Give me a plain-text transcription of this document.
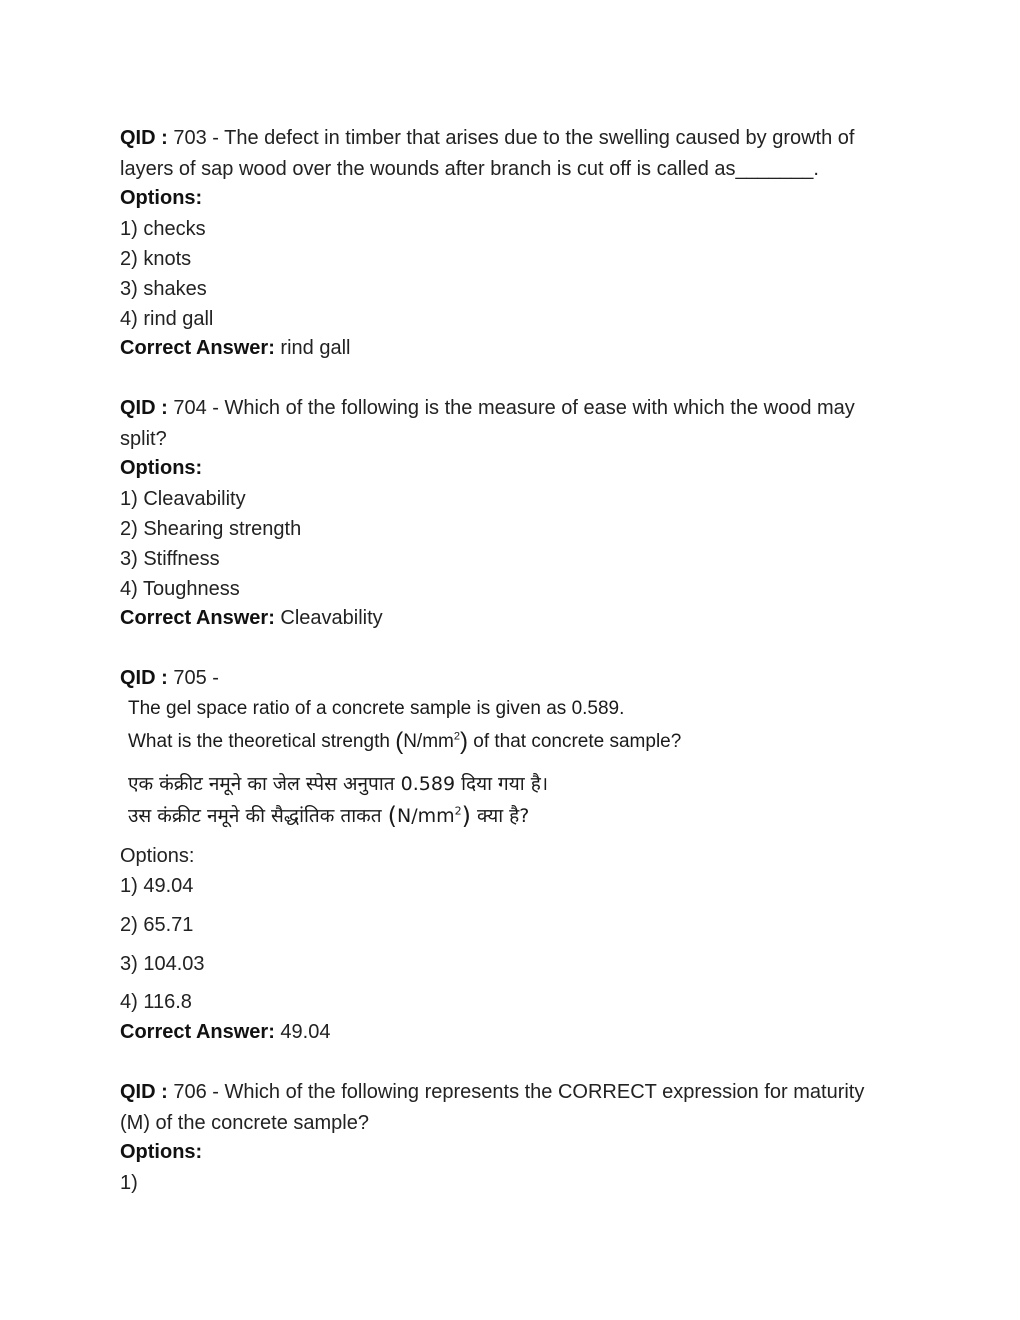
QID : 703 - The defect in timber that arises due to the swelling caused by growth of
layers of sap wood over the wounds after branch is cut off is called as_______.
Options:
1) checks
2) knots
3) shakes
4) rind gall
Correct Answer: rind gall
QID : 704 - Which of the following is the measure of ease with which the wood may
split?
Options:
1) Cleavability
2) Shearing strength
3) Stiffness
4) Toughness
Correct Answer: Cleavability
QID : 705 -
The gel space ratio of a concrete sample is given as 0.589.
What is the theoretical strength $(N/mm^2)$ of that concrete sample?
एक कंक्रीट नमूने का जेल स्पेस अनुपात 0.589 दिया गया है।
उस कंक्रीट नमूने की सैद्धांतिक ताकत $(N/mm^2)$ क्या है?
Options:
1) 49.04
2) 65.71
3) 104.03
4) 116.8
Correct Answer: 49.04
QID : 706 - Which of the following represents the CORRECT expression for maturity
(M) of the concrete sample?
Options:
1)
